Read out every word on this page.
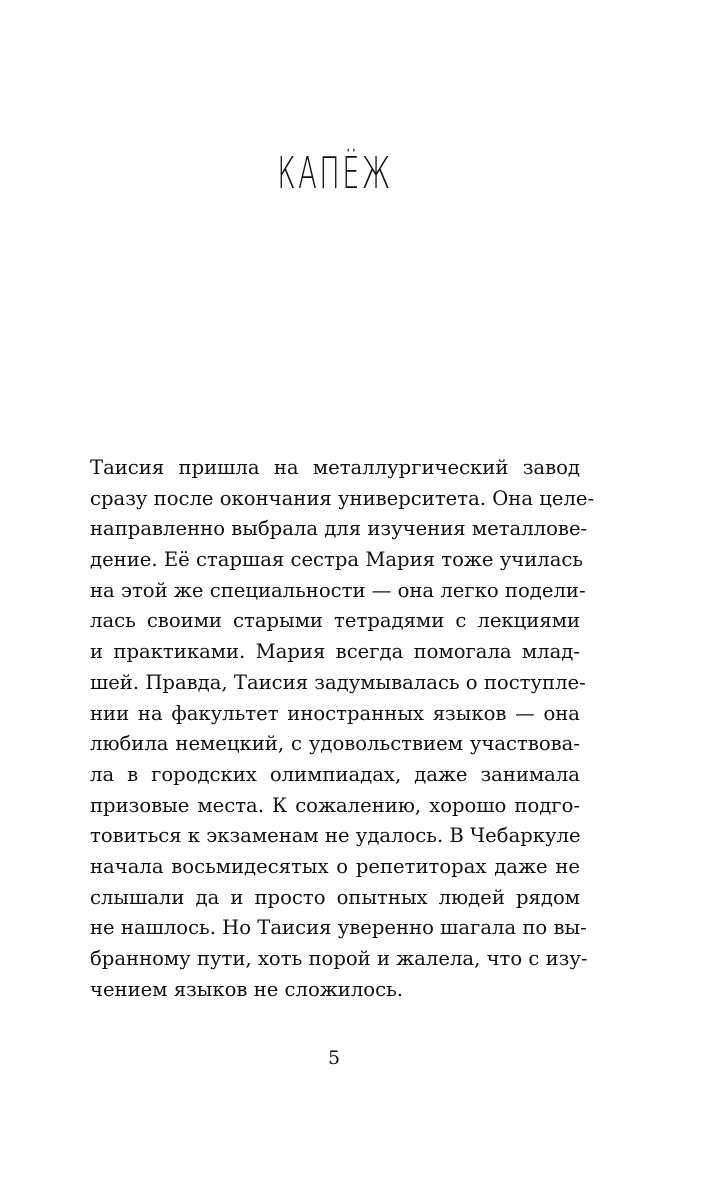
КАПЁЖ
Таисия пришла на металлургический завод
сразу после окончания университета. Она целе-
направленно выбрала для изучения металлове-
дение. Её старшая сестра Мария тоже училась
на этой же специальности — она легко подели-
лась своими старыми тетрадями с лекциями
и практиками. Мария всегда помогала млад-
шей. Правда, Таисия задумывалась о поступле-
нии на факультет иностранных языков — она
любила немецкий, с удовольствием участвова-
ла в городских олимпиадах, даже занимала
призовые места. К сожалению, хорошо подго-
товиться к экзаменам не удалось. В Чебаркуле
начала восьмидесятых о репетиторах даже не
слышали да и просто опытных людей рядом
не нашлось. Но Таисия уверенно шагала по вы-
бранному пути, хоть порой и жалела, что с изу-
чением языков не сложилось.
5
